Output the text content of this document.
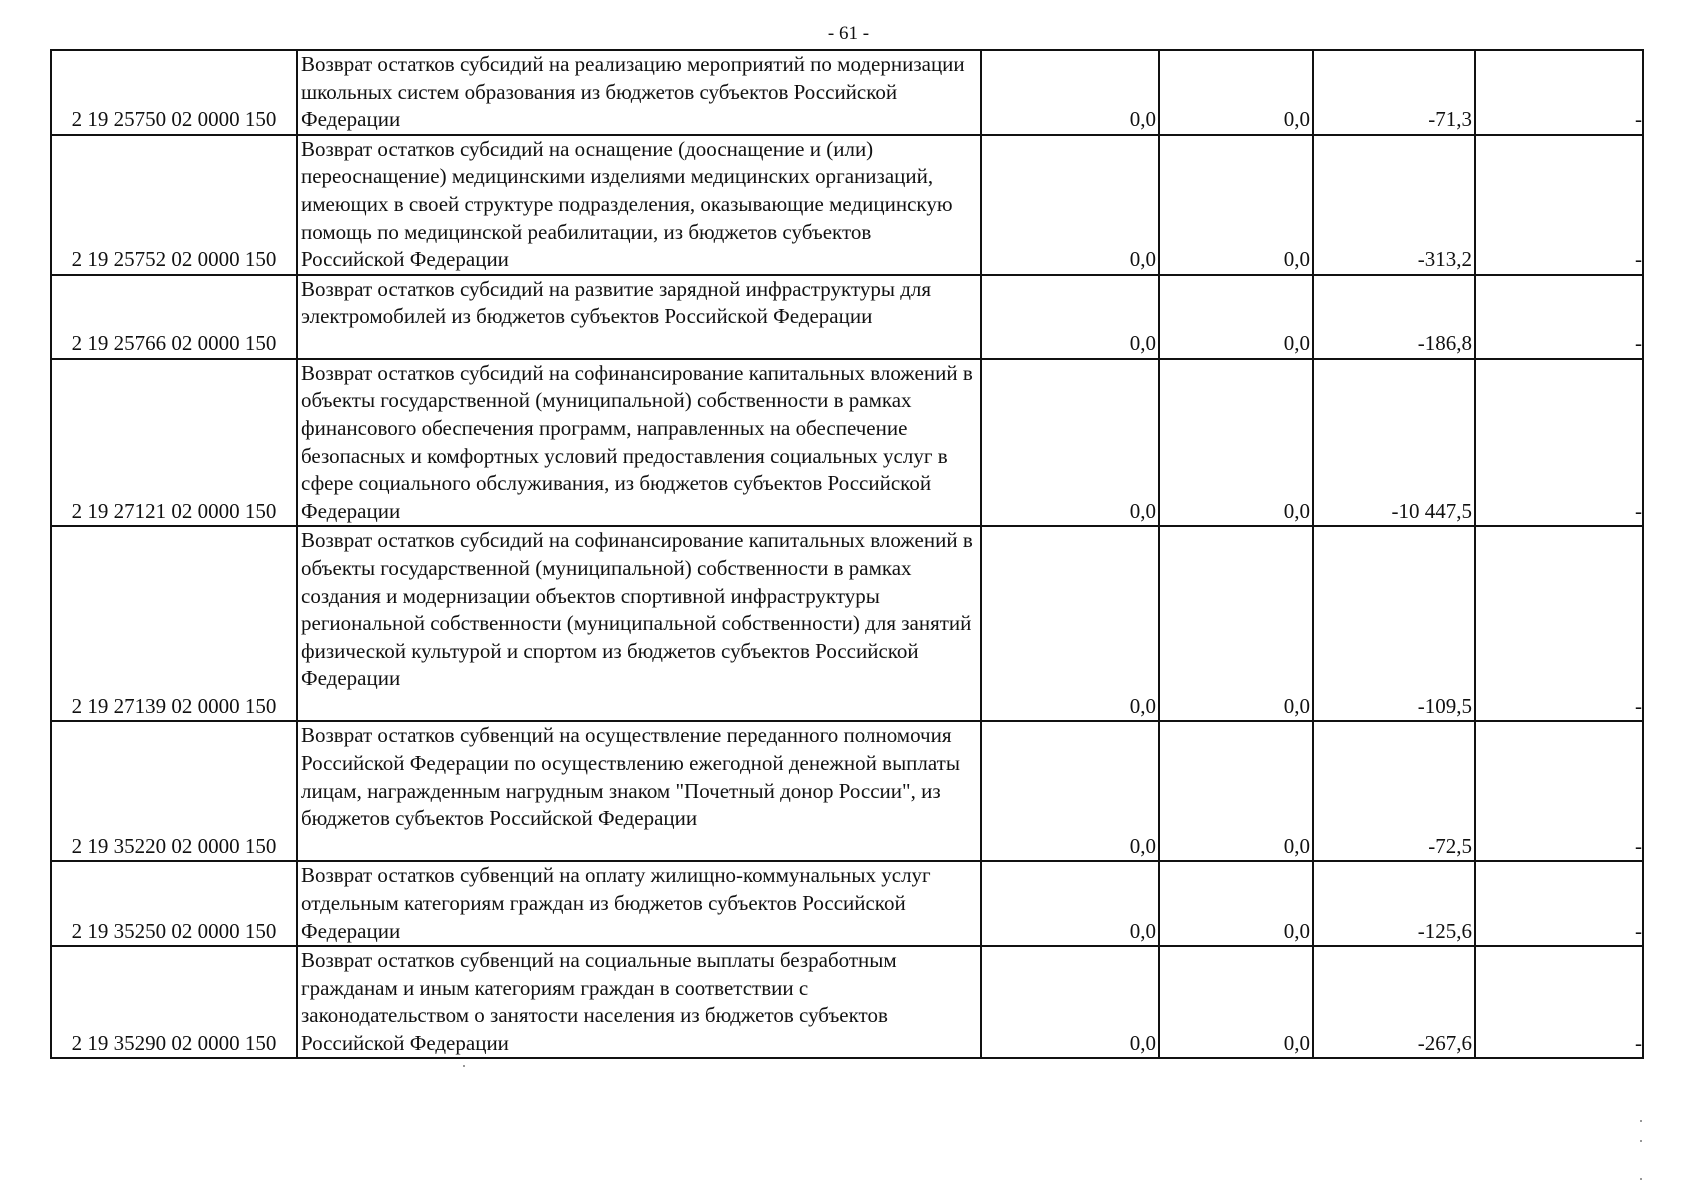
- 61 -
2 19 25750 02 0000 150	Возврат остатков субсидий на реализацию мероприятий по модернизации школьных систем образования из бюджетов субъектов Российской Федерации	0,0	0,0	-71,3	-
2 19 25752 02 0000 150	Возврат остатков субсидий на оснащение (дооснащение и (или) переоснащение) медицинскими изделиями медицинских организаций, имеющих в своей структуре подразделения, оказывающие медицинскую помощь по медицинской реабилитации, из бюджетов субъектов Российской Федерации	0,0	0,0	-313,2	-
2 19 25766 02 0000 150	Возврат остатков субсидий на развитие зарядной инфраструктуры для электромобилей из бюджетов субъектов Российской Федерации	0,0	0,0	-186,8	-
2 19 27121 02 0000 150	Возврат остатков субсидий на софинансирование капитальных вложений в объекты государственной (муниципальной) собственности в рамках финансового обеспечения программ, направленных на обеспечение безопасных и комфортных условий предоставления социальных услуг в сфере социального обслуживания, из бюджетов субъектов Российской Федерации	0,0	0,0	-10 447,5	-
2 19 27139 02 0000 150	Возврат остатков субсидий на софинансирование капитальных вложений в объекты государственной (муниципальной) собственности в рамках создания и модернизации объектов спортивной инфраструктуры региональной собственности (муниципальной собственности) для занятий физической культурой и спортом из бюджетов субъектов Российской Федерации	0,0	0,0	-109,5	-
2 19 35220 02 0000 150	Возврат остатков субвенций на осуществление переданного полномочия Российской Федерации по осуществлению ежегодной денежной выплаты лицам, награжденным нагрудным знаком "Почетный донор России", из бюджетов субъектов Российской Федерации	0,0	0,0	-72,5	-
2 19 35250 02 0000 150	Возврат остатков субвенций на оплату жилищно-коммунальных услуг отдельным категориям граждан из бюджетов субъектов Российской Федерации	0,0	0,0	-125,6	-
2 19 35290 02 0000 150	Возврат остатков субвенций на социальные выплаты безработным гражданам и иным категориям граждан в соответствии с законодательством о занятости населения из бюджетов субъектов Российской Федерации	0,0	0,0	-267,6	-
